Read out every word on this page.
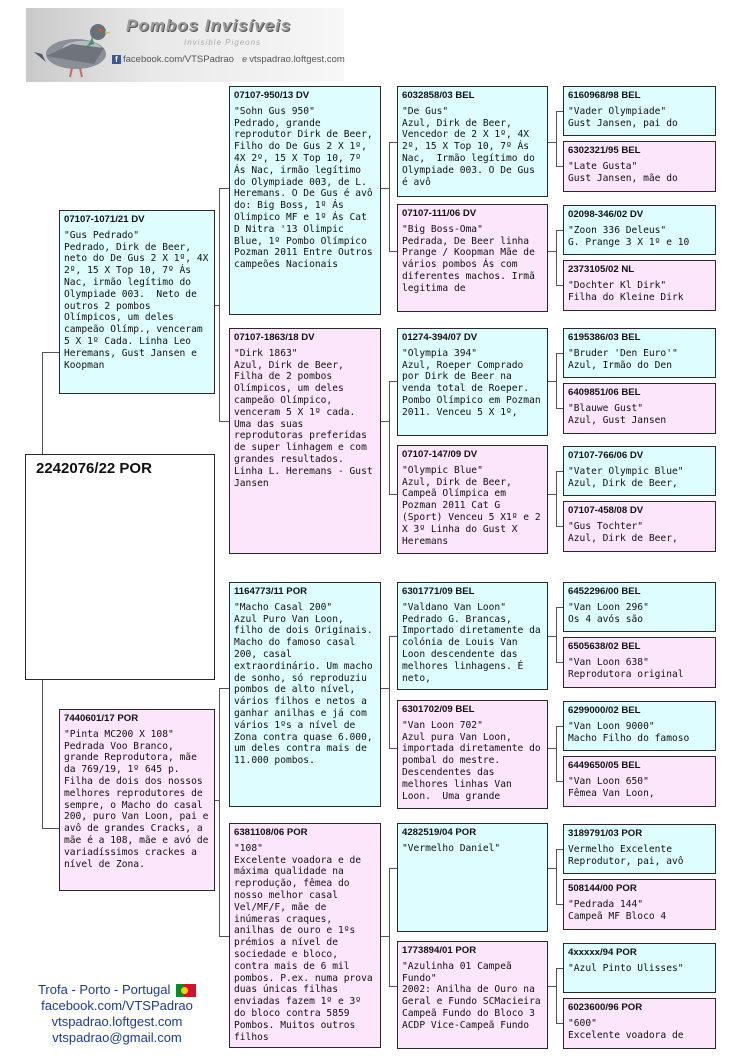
Pombos Invisíveis
Invisible Pigeons
f facebook.com/VTSPadrao e vtspadrao.loftgest.com
2242076/22 POR
07107-1071/21 DV
"Gus Pedrado"
Pedrado, Dirk de Beer, neto do De Gus 2 X 1º, 4X 2º, 15 X Top 10, 7º Ás Nac, irmão legítimo do Olympiade 003.  Neto de outros 2 pombos Olímpicos, um deles campeão Olímp., venceram 5 X 1º Cada. Linha Leo Heremans, Gust Jansen e Koopman
7440601/17 POR
"Pinta MC200 X 108"
Pedrada Voo Branco, grande Reprodutora, mãe da 769/19, 1º 645 p.  Filha de dois dos nossos melhores reprodutores de sempre, o Macho do casal 200, puro Van Loon, pai e avô de grandes Cracks, a mãe é a 108, mãe e avó de variadíssimos crackes a nível de Zona.
07107-950/13 DV
"Sohn Gus 950"
Pedrado, grande reprodutor Dirk de Beer,  Filho do De Gus 2 X 1º, 4X 2º, 15 X Top 10, 7º Ás Nac, irmão legítimo do Olympiade 003, de L. Heremans. O De Gus é avô do: Big Boss, 1º Ás Olimpico MF e 1º Ás Cat D Nitra '13 Olimpic Blue, 1º Pombo Olímpico Pozman 2011 Entre Outros campeões Nacionais
07107-1863/18 DV
"Dirk 1863"
Azul, Dirk de Beer, Filha de 2 pombos Olímpicos, um deles campeão Olímpico, venceram 5 X 1º cada. Uma das suas reprodutoras preferidas de super linhagem e com grandes resultados. Linha L. Heremans - Gust Jansen
1164773/11 POR
"Macho Casal 200"
Azul Puro Van Loon, filho de dois Originais. Macho do famoso casal 200, casal extraordinário. Um macho de sonho, só reproduziu pombos de alto nível, vários filhos e netos a ganhar anilhas e já com vários 1ºs a nível de Zona contra quase 6.000, um deles contra mais de 11.000 pombos.
6381108/06 POR
"108"
Excelente voadora e de máxima qualidade na reprodução, fêmea do nosso melhor casal Vel/MF/F, mãe de inúmeras craques, anilhas de ouro e 1ºs prémios a nível de sociedade e bloco, contra mais de 6 mil pombos. P.ex. numa prova duas únicas filhas enviadas fazem 1º e 3º do bloco contra 5859 Pombos. Muitos outros filhos
6032858/03 BEL
"De Gus"
Azul, Dirk de Beer, Vencedor de 2 X 1º, 4X 2º, 15 X Top 10, 7º Ás Nac,  Irmão legítimo do Olympiade 003. O De Gus é avô
07107-111/06 DV
"Big Boss-Oma"
Pedrada, De Beer linha Prange / Koopman Mãe de vários pombos Ás com diferentes machos. Irmã legitima de
01274-394/07 DV
"Olympia 394"
Azul, Roeper Comprado por Dirk de Beer na venda total de Roeper. Pombo Olímpico em Pozman 2011. Venceu 5 X 1º,
07107-147/09 DV
"Olympic Blue"
Azul, Dirk de Beer, Campeã Olímpica em Pozman 2011 Cat G (Sport) Venceu 5 X1º e 2 X 3º Linha do Gust X Heremans
6301771/09 BEL
"Valdano Van Loon"
Pedrado G. Brancas, Importado diretamente da colónia de Louis Van Loon descendente das melhores linhagens. É neto,
6301702/09 BEL
"Van Loon 702"
Azul pura Van Loon, importada diretamente do pombal do mestre. Descendentes das melhores linhas Van Loon.  Uma grande
4282519/04 POR
"Vermelho Daniel"
1773894/01 POR
"Azulinha 01 Campeã Fundo"
2002: Anilha de Ouro na Geral e Fundo SCMacieira Campeã Fundo do Bloco 3 ACDP Vice-Campeã Fundo
6160968/98 BEL
"Vader Olympiade"
Gust Jansen, pai do
6302321/95 BEL
"Late Gusta"
Gust Jansen, mãe do
02098-346/02 DV
"Zoon 336 Deleus"
G. Prange 3 X 1º e 10
2373105/02 NL
"Dochter Kl Dirk"
Filha do Kleine Dirk
6195386/03 BEL
"Bruder 'Den Euro'"
Azul, Irmão do Den
6409851/06 BEL
"Blauwe Gust"
Azul, Gust Jansen
07107-766/06 DV
"Vater Olympic Blue"
Azul, Dirk de Beer,
07107-458/08 DV
"Gus Tochter"
Azul, Dirk de Beer,
6452296/00 BEL
"Van Loon 296"
Os 4 avós são
6505638/02 BEL
"Van Loon 638"
Reprodutora original
6299000/02 BEL
"Van Loon 9000"
Macho Filho do famoso
6449650/05 BEL
"Van Loon 650"
Fêmea Van Loon,
3189791/03 POR
Vermelho Excelente
Reprodutor, pai, avô
508144/00 POR
"Pedrada 144"
Campeã MF Bloco 4
4xxxxx/94 POR
"Azul Pinto Ulisses"
6023600/96 POR
"600"
Excelente voadora de
Trofa - Porto - Portugal
facebook.com/VTSPadrao
vtspadrao.loftgest.com
vtspadrao@gmail.com
